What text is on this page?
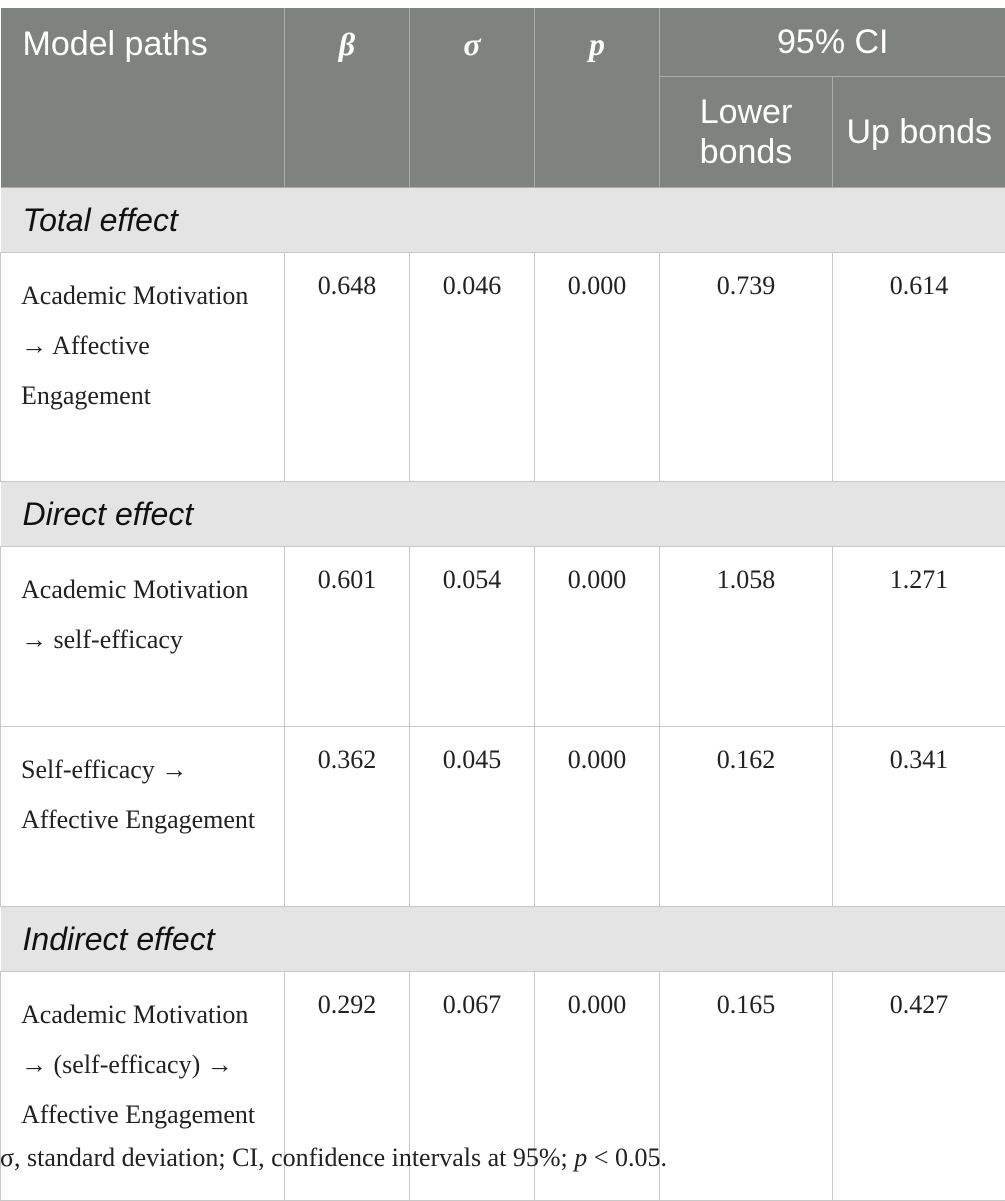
Model paths	β	σ	p	95% CI	
				Lower bonds	Up bonds
Total effect					
Academic Motivation → Affective Engagement	0.648	0.046	0.000	0.739	0.614
Direct effect					
Academic Motivation → self-efficacy	0.601	0.054	0.000	1.058	1.271
Self-efficacy → Affective Engagement	0.362	0.045	0.000	0.162	0.341
Indirect effect					
Academic Motivation → (self-efficacy) → Affective Engagement	0.292	0.067	0.000	0.165	0.427
σ, standard deviation; CI, confidence intervals at 95%; p < 0.05.
